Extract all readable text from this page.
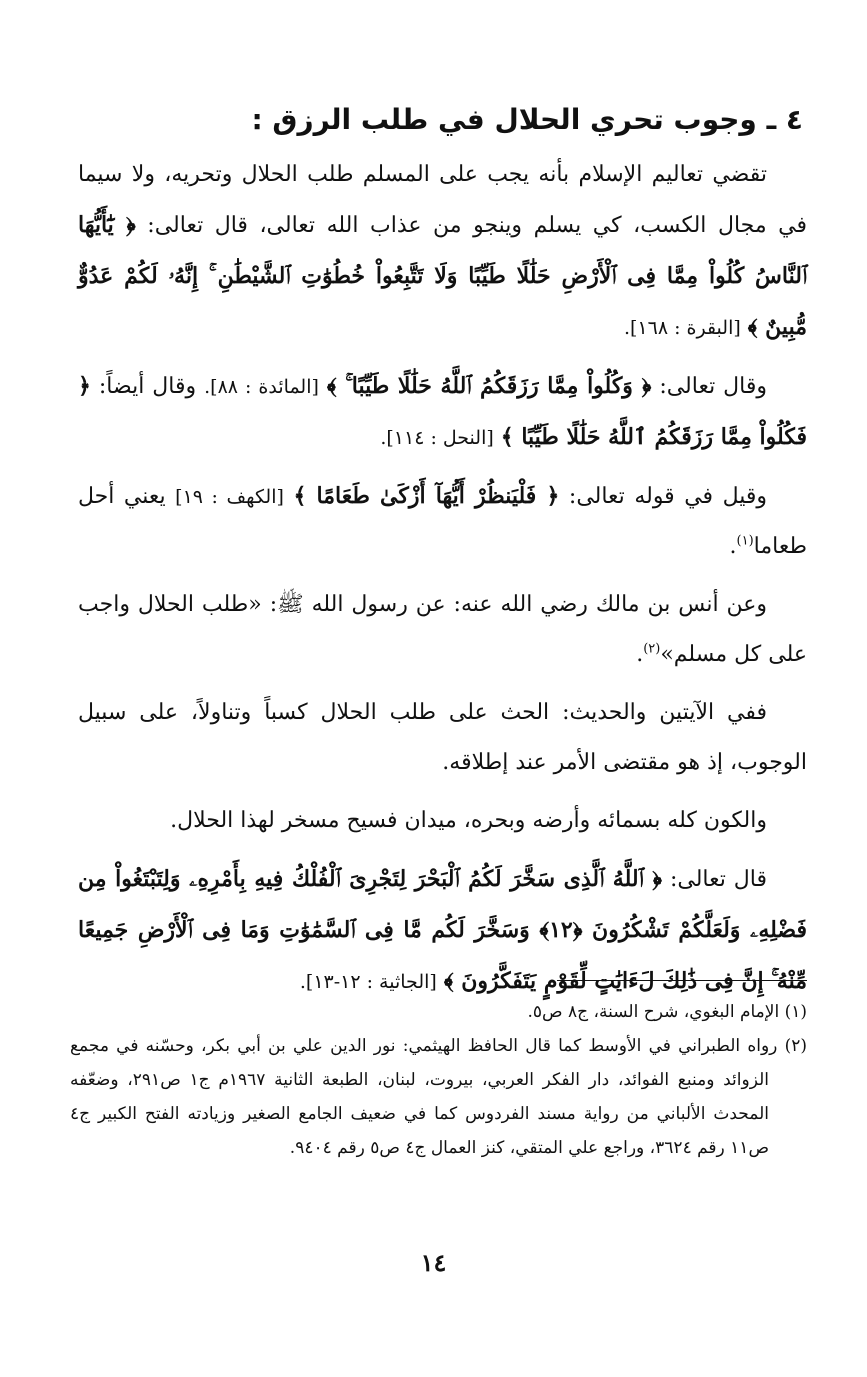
٤ ـ وجوب تحري الحلال في طلب الرزق :

تقضي تعاليم الإسلام بأنه يجب على المسلم طلب الحلال وتحريه، ولا سيما في مجال الكسب، كي يسلم وينجو من عذاب الله تعالى، قال تعالى: ﴿ يَٰٓأَيُّهَا ٱلنَّاسُ كُلُواْ مِمَّا فِى ٱلْأَرْضِ حَلَٰلًا طَيِّبًا وَلَا تَتَّبِعُواْ خُطُوَٰتِ ٱلشَّيْطَٰنِ ۚ إِنَّهُۥ لَكُمْ عَدُوٌّ مُّبِينٌ ﴾ [البقرة : ١٦٨].

وقال تعالى: ﴿ وَكُلُواْ مِمَّا رَزَقَكُمُ ٱللَّهُ حَلَٰلًا طَيِّبًا ۚ ﴾ [المائدة : ٨٨]. وقال أيضاً: ﴿ فَكُلُواْ مِمَّا رَزَقَكُمُ ٱللَّهُ حَلَٰلًا طَيِّبًا ﴾ [النحل : ١١٤].

وقيل في قوله تعالى: ﴿ فَلْيَنظُرْ أَيُّهَآ أَزْكَىٰ طَعَامًا ﴾ [الكهف : ١٩] يعني أحل طعاما$^{(١)}$.

وعن أنس بن مالك رضي الله عنه: عن رسول الله ﷺ: «طلب الحلال واجب على كل مسلم»$^{(٢)}$.

ففي الآيتين والحديث: الحث على طلب الحلال كسباً وتناولاً، على سبيل الوجوب، إذ هو مقتضى الأمر عند إطلاقه.

والكون كله بسمائه وأرضه وبحره، ميدان فسيح مسخر لهذا الحلال.

قال تعالى: ﴿ ٱللَّهُ ٱلَّذِى سَخَّرَ لَكُمُ ٱلْبَحْرَ لِتَجْرِىَ ٱلْفُلْكُ فِيهِ بِأَمْرِهِۦ وَلِتَبْتَغُواْ مِن فَضْلِهِۦ وَلَعَلَّكُمْ تَشْكُرُونَ ﴿١٢﴾ وَسَخَّرَ لَكُم مَّا فِى ٱلسَّمَٰوَٰتِ وَمَا فِى ٱلْأَرْضِ جَمِيعًا مِّنْهُ ۚ إِنَّ فِى ذَٰلِكَ لَءَايَٰتٍ لِّقَوْمٍ يَتَفَكَّرُونَ ﴾ [الجاثية : ١٢-١٣].

(١) الإمام البغوي، شرح السنة، ج٨ ص٥.

(٢) رواه الطبراني في الأوسط كما قال الحافظ الهيثمي: نور الدين علي بن أبي بكر، وحسّنه في مجمع الزوائد ومنبع الفوائد، دار الفكر العربي، بيروت، لبنان، الطبعة الثانية ١٩٦٧م ج١ ص٢٩١، وضعّفه المحدث الألباني من رواية مسند الفردوس كما في ضعيف الجامع الصغير وزيادته الفتح الكبير ج٤ ص١١ رقم ٣٦٢٤، وراجع علي المتقي، كنز العمال ج٤ ص٥ رقم ٩٤٠٤.

١٤
